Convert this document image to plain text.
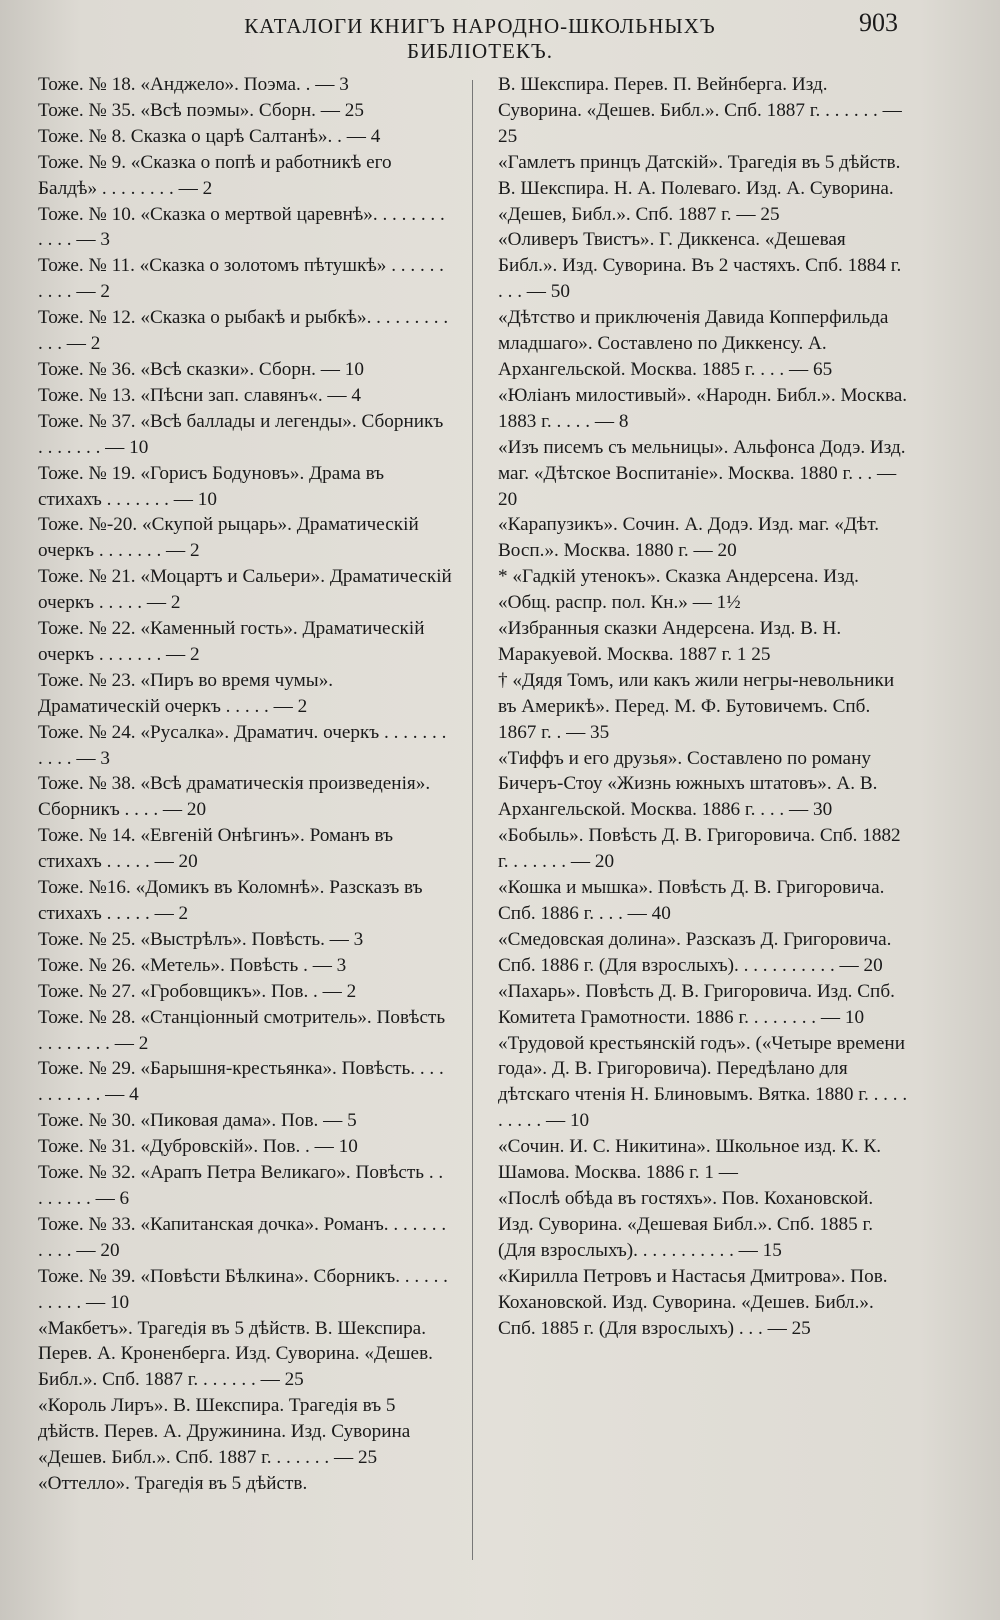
КАТАЛОГИ КНИГЪ НАРОДНО-ШКОЛЬНЫХЪ БИБЛІОТЕКЪ.
903

Тоже. № 18. «Анджело». Поэма. . — 3

Тоже. № 35. «Всѣ поэмы». Сборн. — 25

Тоже. № 8. Сказка о царѣ Салтанѣ». . — 4

Тоже. № 9. «Сказка о попѣ и работникѣ его Балдѣ» . . . . . . . . — 2

Тоже. № 10. «Сказка о мертвой царевнѣ». . . . . . . . . . . . — 3

Тоже. № 11. «Сказка о золотомъ пѣтушкѣ» . . . . . . . . . . — 2

Тоже. № 12. «Сказка о рыбакѣ и рыбкѣ». . . . . . . . . . . . — 2

Тоже. № 36. «Всѣ сказки». Сборн. — 10

Тоже. № 13. «Пѣсни зап. славянъ«. — 4

Тоже. № 37. «Всѣ баллады и легенды». Сборникъ . . . . . . . — 10

Тоже. № 19. «Горисъ Бодуновъ». Драма въ стихахъ . . . . . . . — 10

Тоже. №-20. «Скупой рыцарь». Драматическій очеркъ . . . . . . . — 2

Тоже. № 21. «Моцартъ и Сальери». Драматическій очеркъ . . . . . — 2

Тоже. № 22. «Каменный гость». Драматическій очеркъ . . . . . . . — 2

Тоже. № 23. «Пиръ во время чумы». Драматическій очеркъ . . . . . — 2

Тоже. № 24. «Русалка». Драматич. очеркъ . . . . . . . . . . . — 3

Тоже. № 38. «Всѣ драматическія произведенія». Сборникъ . . . . — 20

Тоже. № 14. «Евгеній Онѣгинъ». Романъ въ стихахъ . . . . . — 20

Тоже. №16. «Домикъ въ Коломнѣ». Разсказъ въ стихахъ . . . . . — 2

Тоже. № 25. «Выстрѣлъ». Повѣсть. — 3

Тоже. № 26. «Метель». Повѣсть . — 3

Тоже. № 27. «Гробовщикъ». Пов. . — 2

Тоже. № 28. «Станціонный смотритель». Повѣсть . . . . . . . . — 2

Тоже. № 29. «Барышня-крестьянка». Повѣсть. . . . . . . . . . . — 4

Тоже. № 30. «Пиковая дама». Пов. — 5

Тоже. № 31. «Дубровскій». Пов. . — 10

Тоже. № 32. «Арапъ Петра Великаго». Повѣсть . . . . . . . . — 6

Тоже. № 33. «Капитанская дочка». Романъ. . . . . . . . . . . — 20

Тоже. № 39. «Повѣсти Бѣлкина». Сборникъ. . . . . . . . . . . — 10

«Макбетъ». Трагедія въ 5 дѣйств. В. Шекспира. Перев. А. Кроненберга. Изд. Суворина. «Дешев. Библ.». Спб. 1887 г. . . . . . . — 25

«Король Лиръ». В. Шекспира. Трагедія въ 5 дѣйств. Перев. А. Дружинина. Изд. Суворина «Дешев. Библ.». Спб. 1887 г. . . . . . . — 25

«Оттелло». Трагедія въ 5 дѣйств.

В. Шекспира. Перев. П. Вейнберга. Изд. Суворина. «Дешев. Библ.». Спб. 1887 г. . . . . . . — 25

«Гамлетъ принцъ Датскій». Трагедія въ 5 дѣйств. В. Шекспира. Н. А. Полеваго. Изд. А. Суворина. «Дешев, Библ.». Спб. 1887 г. — 25

«Оливеръ Твистъ». Г. Диккенса. «Дешевая Библ.». Изд. Суворина. Въ 2 частяхъ. Спб. 1884 г. . . . — 50

«Дѣтство и приключенія Давида Копперфильда младшаго». Составлено по Диккенсу. А. Архангельской. Москва. 1885 г. . . . — 65

«Юліанъ милостивый». «Народн. Библ.». Москва. 1883 г. . . . . — 8

«Изъ писемъ съ мельницы». Альфонса Додэ. Изд. маг. «Дѣтское Воспитаніе». Москва. 1880 г. . . — 20

«Карапузикъ». Сочин. А. Додэ. Изд. маг. «Дѣт. Восп.». Москва. 1880 г. — 20

* «Гадкій утенокъ». Сказка Андерсена. Изд. «Общ. распр. пол. Кн.» — 1½

«Избранныя сказки Андерсена. Изд. В. Н. Маракуевой. Москва. 1887 г. 1 25

† «Дядя Томъ, или какъ жили негры-невольники въ Америкѣ». Перед. М. Ф. Бутовичемъ. Спб. 1867 г. . — 35

«Тиффъ и его друзья». Составлено по роману Бичеръ-Стоу «Жизнь южныхъ штатовъ». А. В. Архангельской. Москва. 1886 г. . . . — 30

«Бобыль». Повѣсть Д. В. Григоровича. Спб. 1882 г. . . . . . . — 20

«Кошка и мышка». Повѣсть Д. В. Григоровича. Спб. 1886 г. . . . — 40

«Смедовская долина». Разсказъ Д. Григоровича. Спб. 1886 г. (Для взрослыхъ). . . . . . . . . . . — 20

«Пахарь». Повѣсть Д. В. Григоровича. Изд. Спб. Комитета Грамотности. 1886 г. . . . . . . . — 10

«Трудовой крестьянскій годъ». («Четыре времени года». Д. В. Григоровича). Передѣлано для дѣтскаго чтенія Н. Блиновымъ. Вятка. 1880 г. . . . . . . . . . — 10

«Сочин. И. С. Никитина». Школьное изд. К. К. Шамова. Москва. 1886 г. 1 —

«Послѣ обѣда въ гостяхъ». Пов. Кохановской. Изд. Суворина. «Дешевая Библ.». Спб. 1885 г. (Для взрослыхъ). . . . . . . . . . . — 15

«Кирилла Петровъ и Настасья Дмитрова». Пов. Кохановской. Изд. Суворина. «Дешев. Библ.». Спб. 1885 г. (Для взрослыхъ) . . . — 25
